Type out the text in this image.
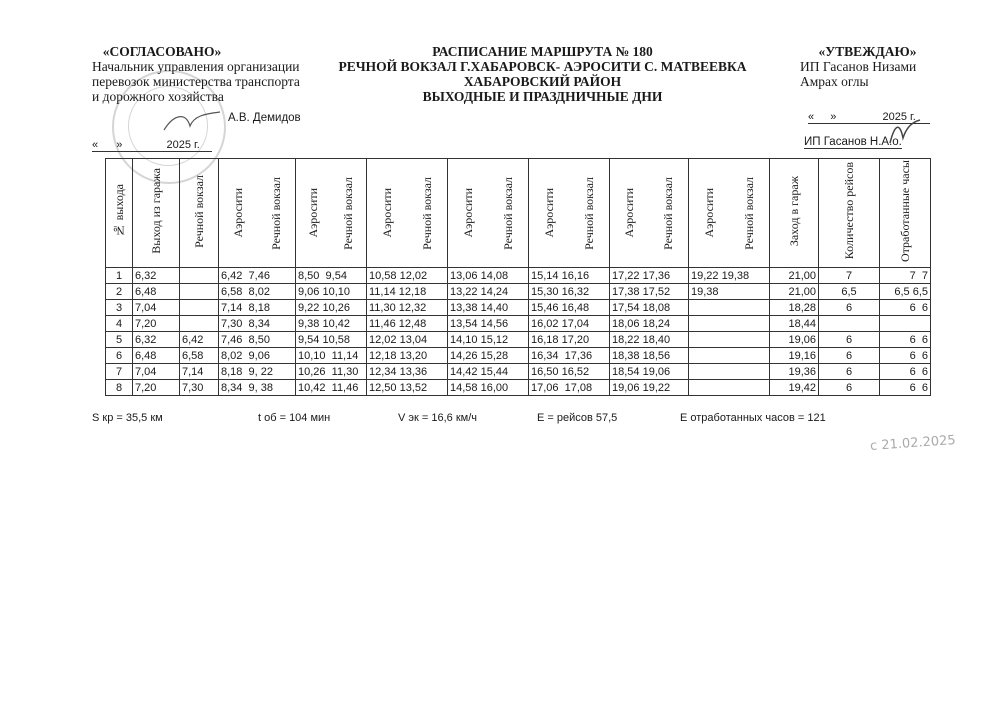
«СОГЛАСОВАНО»
Начальник управления организации
перевозок министерства транспорта
и дорожного хозяйства
А.В. Демидов
« »	2025 г.
РАСПИСАНИЕ МАРШРУТА № 180
РЕЧНОЙ ВОКЗАЛ Г.ХАБАРОВСК- АЭРОСИТИ С. МАТВЕЕВКА
ХАБАРОВСКИЙ РАЙОН
ВЫХОДНЫЕ И ПРАЗДНИЧНЫЕ ДНИ
«УТВЕЖДАЮ»
ИП Гасанов Низами
Амрах оглы
« »	2025 г.
ИП Гасанов Н.А.о.
№ выхода	Выход из гаража	Речной вокзал	Аэросити Речной вокзал	Аэросити Речной вокзал	Аэросити Речной вокзал	Аэросити Речной вокзал	Аэросити Речной вокзал	Аэросити Речной вокзал	Аэросити Речной вокзал	Заход в гараж	Количество рейсов	Отработанные часы
1	6,32		6,42  7,46	8,50  9,54	10,58 12,02	13,06 14,08	15,14 16,16	17,22 17,36	19,22 19,38	21,00	7	7  7
2	6,48		6,58  8,02	9,06 10,10	11,14 12,18	13,22 14,24	15,30 16,32	17,38 17,52	19,38	21,00	6,5	6,5 6,5
3	7,04		7,14  8,18	9,22 10,26	11,30 12,32	13,38 14,40	15,46 16,48	17,54 18,08		18,28	6	6  6
4	7,20		7,30  8,34	9,38 10,42	11,46 12,48	13,54 14,56	16,02 17,04	18,06 18,24		18,44		
5	6,32	6,42	7,46  8,50	9,54 10,58	12,02 13,04	14,10 15,12	16,18 17,20	18,22 18,40		19,06	6	6  6
6	6,48	6,58	8,02  9,06	10,10  11,14	12,18 13,20	14,26 15,28	16,34  17,36	18,38 18,56		19,16	6	6  6
7	7,04	7,14	8,18  9, 22	10,26  11,30	12,34 13,36	14,42 15,44	16,50 16,52	18,54 19,06		19,36	6	6  6
8	7,20	7,30	8,34  9, 38	10,42  11,46	12,50 13,52	14,58 16,00	17,06  17,08	19,06 19,22		19,42	6	6  6
S кр = 35,5 км	t об = 104 мин	V эк = 16,6 км/ч	Е = рейсов 57,5	Е отработанных часов = 121
с 21.02.2025
